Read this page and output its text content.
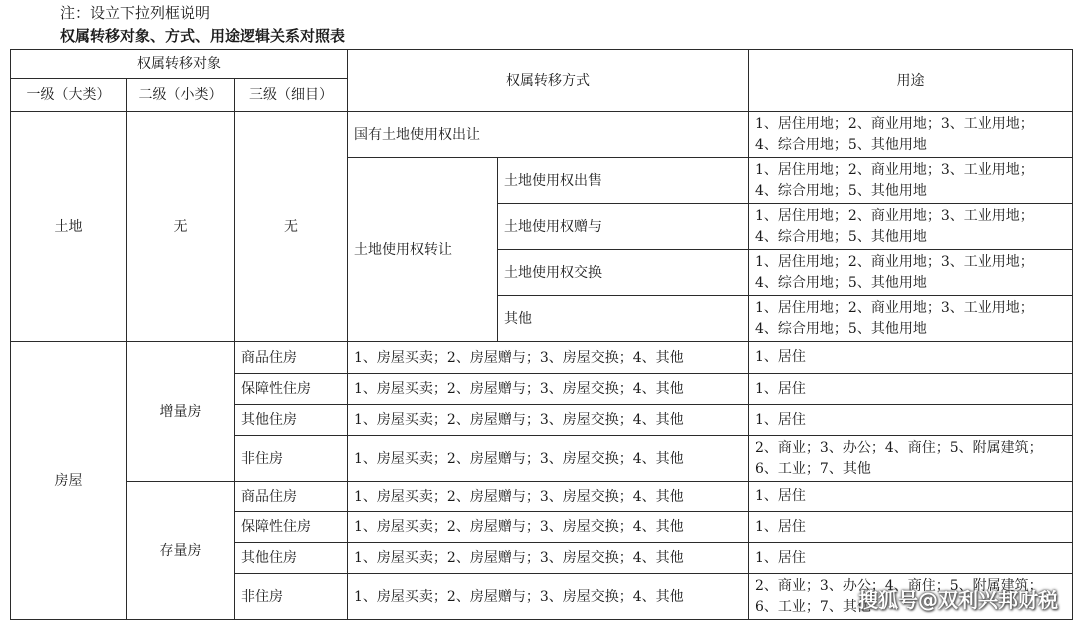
注：设立下拉列框说明
权属转移对象、方式、用途逻辑关系对照表
权属转移对象			权属转移方式		用途
一级（大类）	二级（小类）	三级（细目）			
土地	无	无	国有土地使用权出让		1、居住用地；2、商业用地；3、工业用地；
4、综合用地；5、其他用地

			土地使用权转让	土地使用权出售	1、居住用地；2、商业用地；3、工业用地；
4、综合用地；5、其他用地

				土地使用权赠与	1、居住用地；2、商业用地；3、工业用地；
4、综合用地；5、其他用地

				土地使用权交换	1、居住用地；2、商业用地；3、工业用地；
4、综合用地；5、其他用地

				其他	1、居住用地；2、商业用地；3、工业用地；
4、综合用地；5、其他用地

房屋	增量房	商品住房	1、房屋买卖；2、房屋赠与；3、房屋交换；4、其他		1、居住
		保障性住房	1、房屋买卖；2、房屋赠与；3、房屋交换；4、其他		1、居住
		其他住房	1、房屋买卖；2、房屋赠与；3、房屋交换；4、其他		1、居住
		非住房	1、房屋买卖；2、房屋赠与；3、房屋交换；4、其他		2、商业；3、办公；4、商住；5、附属建筑；
6、工业；7、其他

	存量房	商品住房	1、房屋买卖；2、房屋赠与；3、房屋交换；4、其他		1、居住
		保障性住房	1、房屋买卖；2、房屋赠与；3、房屋交换；4、其他		1、居住
		其他住房	1、房屋买卖；2、房屋赠与；3、房屋交换；4、其他		1、居住
		非住房	1、房屋买卖；2、房屋赠与；3、房屋交换；4、其他		2、商业；3、办公；4、商住；5、附属建筑；
6、工业；7、其他
搜狐号@双利兴邦财税
